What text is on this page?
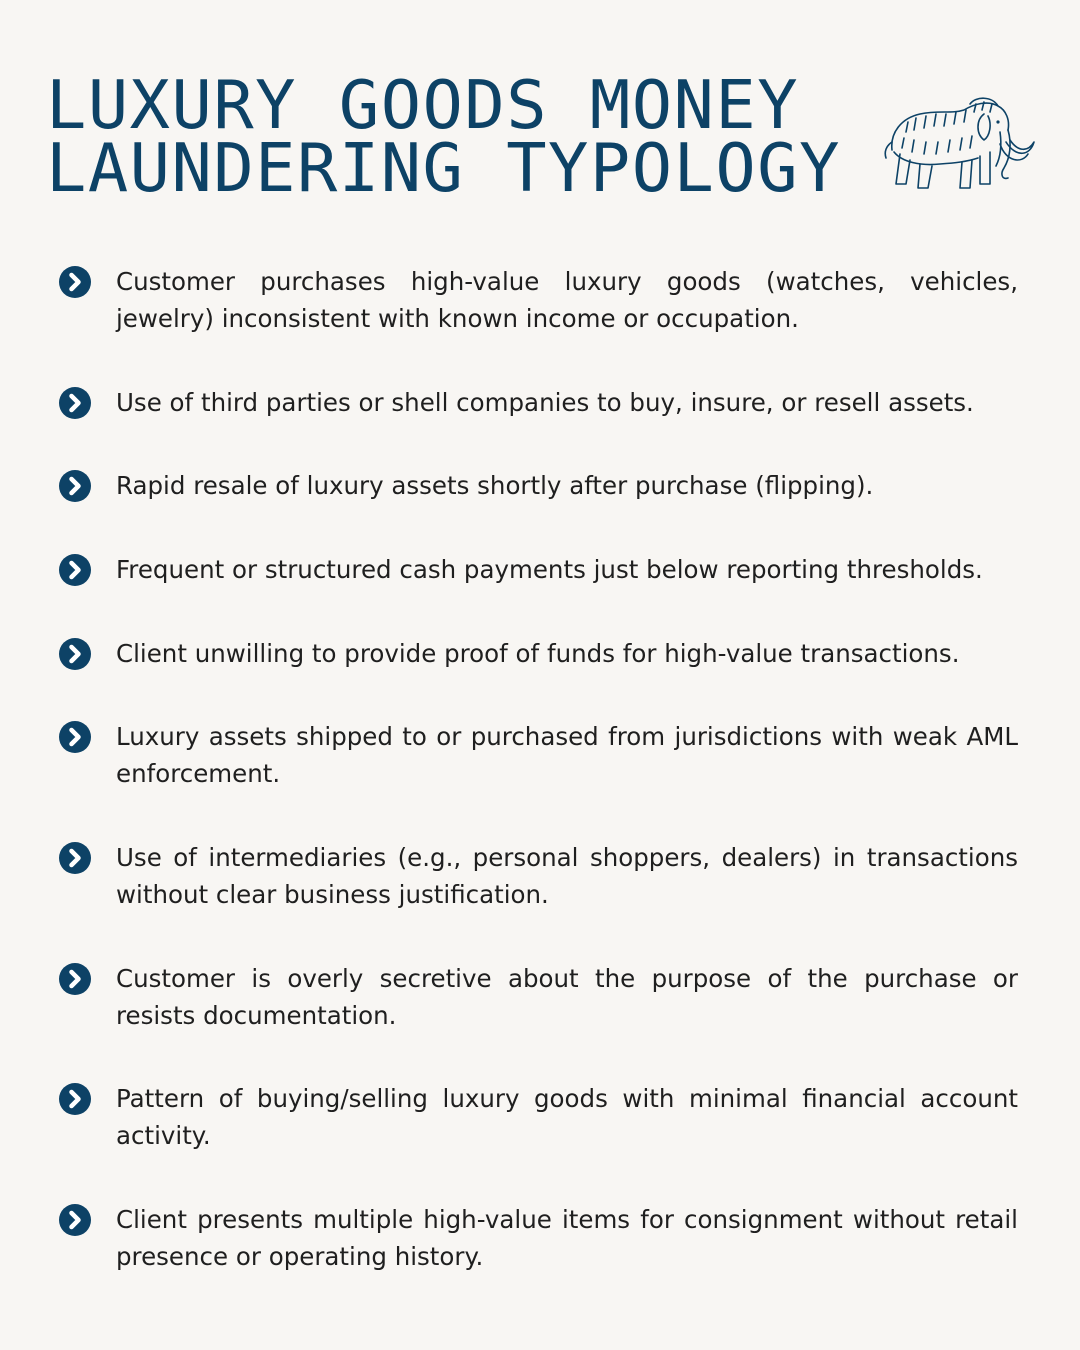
LUXURY GOODS MONEY
LAUNDERING TYPOLOGY
Customer purchases high-value luxury goods (watches, vehicles, jewelry) inconsistent with known income or occupation.
Use of third parties or shell companies to buy, insure, or resell assets.
Rapid resale of luxury assets shortly after purchase (flipping).
Frequent or structured cash payments just below reporting thresholds.
Client unwilling to provide proof of funds for high-value transactions.
Luxury assets shipped to or purchased from jurisdictions with weak AML enforcement.
Use of intermediaries (e.g., personal shoppers, dealers) in transactions without clear business justification.
Customer is overly secretive about the purpose of the purchase or resists documentation.
Pattern of buying/selling luxury goods with minimal financial account activity.
Client presents multiple high-value items for consignment without retail presence or operating history.
